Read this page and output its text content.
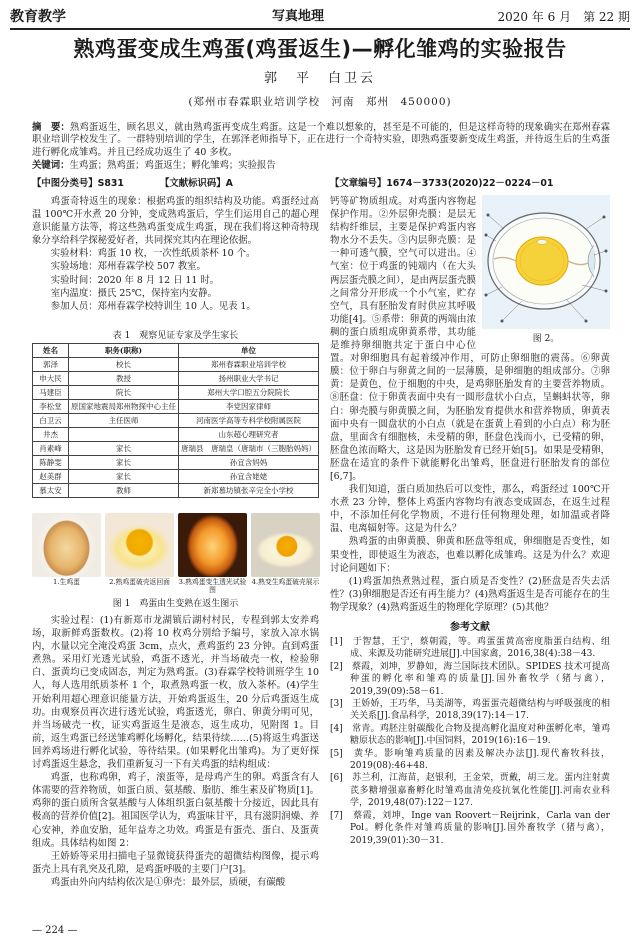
教育教学	写真地理	2020 年 6 月　第 22 期
熟鸡蛋变成生鸡蛋(鸡蛋返生)—孵化雏鸡的实验报告
郭　平　白卫云
(郑州市春霖职业培训学校　河南　郑州　450000)
摘　要：熟鸡蛋返生，顾名思义，就由熟鸡蛋再变成生鸡蛋。这是一个难以想象的，甚至是不可能的，但是这样奇特的现象确实在郑州春霖职业培训学校发生了。一群特别培训的学生，在郭泽老师指导下，正在进行一个奇特实验，即熟鸡蛋要新变成生鸡蛋，并待返生后的生鸡蛋进行孵化成雏鸡。并且已经成功返生了 40 多枚。
关键词：生鸡蛋；熟鸡蛋；鸡蛋返生；孵化雏鸡；实验报告
【中图分类号】S831	【文献标识码】A	【文章编号】1674－3733(2020)22－0224－01

鸡蛋奇特返生的现象：根据鸡蛋的组织结构及功能。鸡蛋经过高温 100℃开水煮 20 分钟，变成熟鸡蛋后，学生们运用自己的超心理意识能量方法等，将这些熟鸡蛋变成生鸡蛋，现在我们将这种奇特现象分享给科学探秘爱好者，共同探究其内在理论依据。

实验材料：鸡蛋 10 枚，一次性纸质茶杯 10 个。

实验场地：郑州春霖学校 507 教室。

实验时间：2020 年 8 月 12 日 11 时。

室内温度：摄氏 25℃，保持室内安静。

参加人员：郑州春霖学校特训生 10 人。见表 1。

表 1　观察见证专家及学生家长
姓名	职务(职称)	单位
郭泽	校长	郑州春霖职业培训学校
申大民	教授	扬州职业大学书记
马建臣	院长	郑州大学口腔五分院院长
李松堂	原国家地震局郑州物探中心主任	李党因家律师
白卫云	主任医师	河南医学高等专科学校附属医院
井杰		山东超心理研究者
肖素峰	家长	唐瑞县　唐瑞皇（唐瑞市（三胞胎妈妈）
陈静雯	家长	孙宜含妈妈
赵美群	家长	孙宜含姥姥
慕太安	教师	新郑慕坊镇张辛完全小学校
1.生鸡蛋	2.熟鸡蛋破壳返回面	3.熟鸡蛋变生透光试验图
4.熟变生鸡蛋破壳展示
图 1　鸡蛋由生变熟在返生图示

实验过程：(1)有新郑市龙湖镇后湖村村民，专程到郭太安养鸡场，取新鲜鸡蛋数枚。(2)将 10 枚鸡分别给予编号，家放入凉水锅内，水量以完全淹没鸡蛋 3cm，点火，煮鸡蛋约 23 分钟。直到鸡蛋煮熟。采用灯光透光试验，鸡蛋不透光，并当场破壳一枚，检验卵白、蛋黄均已变成固态，判定为熟鸡蛋。(3)春霖学校特训班学生 10 人，每人选用纸质茶杯 1 个，取煮熟鸡蛋一枚，放入茶杯。(4)学生开始利用超心理意识能量方法，开始鸡蛋返生，20 分后鸡蛋返生成功。由观察员再次进行透光试验，鸡蛋透光，卵白、卵黄分明可见，并当场破壳一枚，证实鸡蛋返生是液态，返生成功，见附图 1。目前，返生鸡蛋已经送雏鸡孵化场孵化，结果待续……(5)将返生鸡蛋送回养鸡场进行孵化试验，等待结果。(如果孵化出雏鸡)。为了更好探讨鸡蛋返生悬念，我们重新复习一下有关鸡蛋的结构组成：

鸡蛋，也称鸡卵，鸡子，滚蛋等，是母鸡产生的卵。鸡蛋含有人体需要的营养物质，如蛋白质、氨基酸、脂肪、维生素及矿物质[1]。鸡卵的蛋白质所含氨基酸与人体组织蛋白氨基酸十分接近，因此具有极高的营养价值[2]。祖国医学认为，鸡蛋味甘平，具有滋阴润燥、养心安神，养血安胎，延年益寿之功效。鸡蛋是有蛋壳、蛋白、及蛋黄组成。具体结构如图 2：

王娇娇等采用扫描电子显微镜获得蛋壳的超微结构图像，提示鸡蛋壳上具有乳突及孔隙，是鸡蛋呼吸的主要门户[3]。

鸡蛋由外向内结构依次是①卵壳：最外层，质硬，有碳酸

图 2。

钙等矿物质组成。对鸡蛋内容物起保护作用。②外层卵壳膜：是层无结构纤维层，主要是保护鸡蛋内容物水分不丢失。③内层卵壳膜：是一种可透气膜，空气可以进出。④气室：位于鸡蛋的钝端内（在大头两层蛋壳膜之间），是由两层蛋壳膜之间常分开形成一个小气室，贮存空气，具有胚胎发育时供应其呼吸功能[4]。⑤系带：卵黄的两端由浓稠的蛋白质组成卵黄系带，其功能是维持卵细胞共定于蛋白中心位置。对卵细胞具有起着缓冲作用，可防止卵细胞的震荡。⑥卵黄膜：位于卵白与卵黄之间的一层薄膜，是卵细胞的组成部分。⑦卵黄：是黄色，位于细胞的中央，是鸡卵胚胎发育的主要营养物质。⑧胚盘：位于卵黄表面中央有一圆形盘状小白点，呈蝌蚪状等，卵白：卵壳膜与卵黄膜之间，为胚胎发育提供水和营养物质，卵黄表面中央有一圆盘状的小白点（就是在蛋黄上看到的小白点）称为胚盘，里面含有细胞核，未受精的卵，胚盘色浅而小，已受精的卵，胚盘色浓而略大，这是因为胚胎发育已经开始[5]。如果是受精卵，胚盘在适宜的条件下就能孵化出雏鸡，胚盘进行胚胎发育的部位[6,7]。

我们知道，蛋白质加热后可以变性，那么，鸡蛋经过 100℃开水煮 23 分钟，整体上鸡蛋内容物均有液态变成固态，在返生过程中，不添加任何化学物质，不进行任何物理处理，如加温或者降温、电离辐射等。这是为什么？

熟鸡蛋的由卵黄膜、卵黄和胚盘等组成，卵细胞是否变性，如果变性，即使返生为液态，也难以孵化成雏鸡。这是为什么？欢迎讨论问题如下：

(1)鸡蛋加热煮熟过程，蛋白质是否变性？(2)胚盘是否失去活性？(3)卵细胞是否还有再生能力？(4)熟鸡蛋返生是否可能存在的生物学现象？(4)熟鸡蛋返生的物理化学原理？(5)其他？

参考文献
[1]　于智慧，王宁，蔡朝霞，等。鸡蛋蛋黄高密度脂蛋白结构、组成、来源及功能研究进展[J].中国家禽，2016,38(4):38－43.
[2]　蔡霞，刘坤，罗静如，海兰国际技术团队。SPIDES 技术可提高种蛋的孵化率和雏鸡的质量[J].国外畜牧学（猪与禽），2019,39(09):58－61.
[3]　王娇娇，王巧华，马美湖等，鸡蛋蛋壳超微结构与呼吸强度的相关关系[J].食品科学，2018,39(17):14－17.
[4]　常青。鸡胚注射碳酸化合物及提高孵化温度对种蛋孵化率，雏鸡糖原状态的影响[J].中国饲料，2019(16):16－19.
[5]　黄华。影响雏鸡质量的因素及解决办法[J].现代畜牧科技，2019(08):46+48.
[6]　苏兰利，江海苗，赵银利，王金荣，贾戴，胡三龙。蛋内注射黄芪多糖增强嘉畜孵化时雏鸡血清免疫抗氧化性能[J].河南农业科学，2019,48(07):122－127.
[7]　蔡霞，刘坤，Inge van Roovert－Reijrink，Carla van der Pol。孵化条件对雏鸡质量的影响[J].国外畜牧学（猪与禽），2019,39(01):30－31.
— 224 —
